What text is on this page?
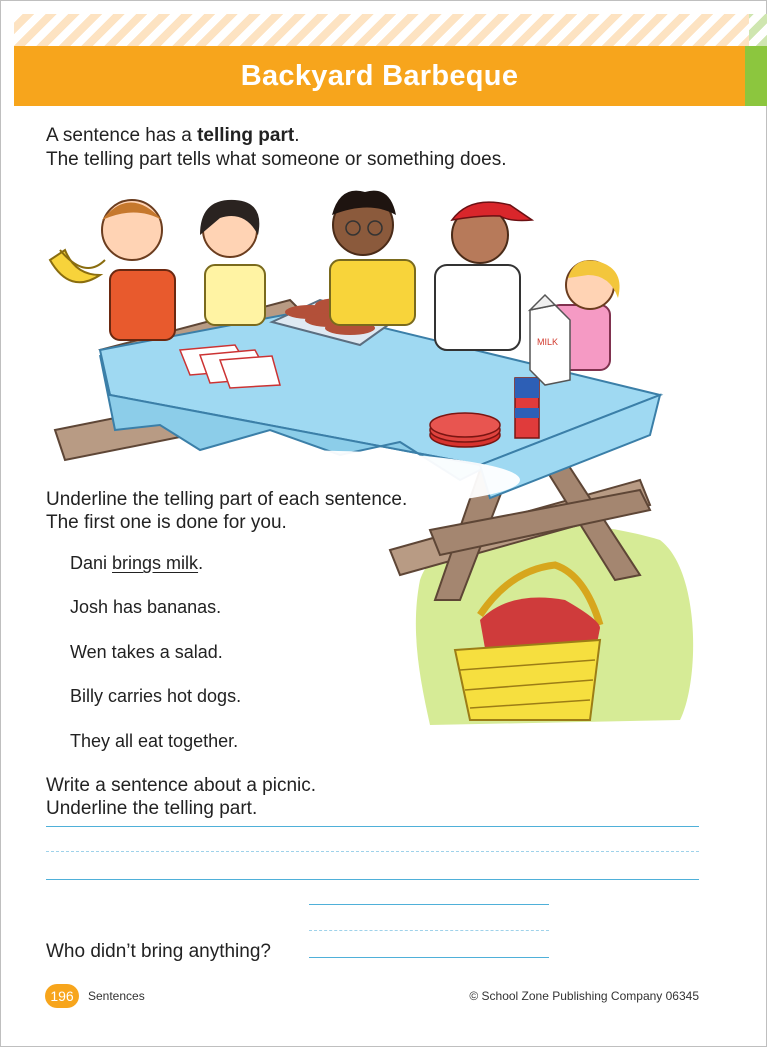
Backyard Barbeque
A sentence has a telling part.
The telling part tells what someone or something does.
MILK
Underline the telling part of each sentence.
The first one is done for you.
Dani brings milk.
Josh has bananas.
Wen takes a salad.
Billy carries hot dogs.
They all eat together.
Write a sentence about a picnic.
Underline the telling part.
Who didn’t bring anything?
196	Sentences	© School Zone Publishing Company 06345
